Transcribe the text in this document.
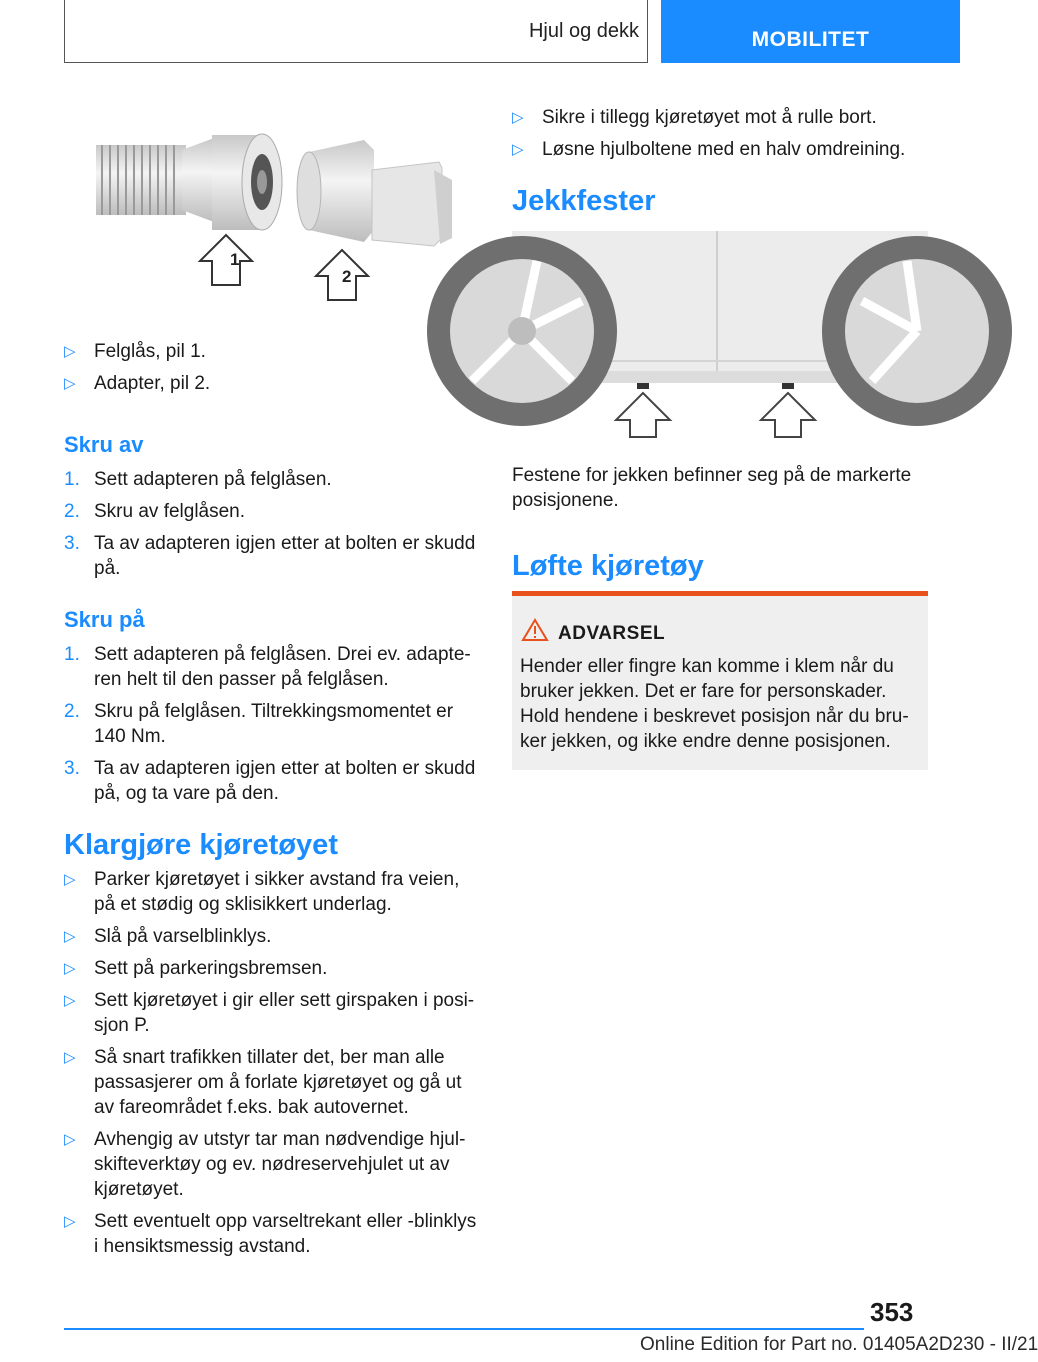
Hjul og dekk	MOBILITET
1
2
▷ Felglås, pil 1.
▷ Adapter, pil 2.
Skru av
1. Sett adapteren på felglåsen.
2. Skru av felglåsen.
3. Ta av adapteren igjen etter at bolten er skudd på.
Skru på
1. Sett adapteren på felglåsen. Drei ev. adapte-ren helt til den passer på felglåsen.
2. Skru på felglåsen. Tiltrekkingsmomentet er 140 Nm.
3. Ta av adapteren igjen etter at bolten er skudd på, og ta vare på den.
Klargjøre kjøretøyet
▷ Parker kjøretøyet i sikker avstand fra veien, på et stødig og sklisikkert underlag.
▷ Slå på varselblinklys.
▷ Sett på parkeringsbremsen.
▷ Sett kjøretøyet i gir eller sett girspaken i posi-sjon P.
▷ Så snart trafikken tillater det, ber man alle passasjerer om å forlate kjøretøyet og gå ut av fareområdet f.eks. bak autovernet.
▷ Avhengig av utstyr tar man nødvendige hjul-skifteverktøy og ev. nødreservehjulet ut av kjøretøyet.
▷ Sett eventuelt opp varseltrekant eller -blinklys i hensiktsmessig avstand.
▷ Sikre i tillegg kjøretøyet mot å rulle bort.
▷ Løsne hjulboltene med en halv omdreining.
Jekkfester

Festene for jekken befinner seg på de markerte posisjonene.

Løfte kjøretøy
ADVARSEL
Hender eller fingre kan komme i klem når du bruker jekken. Det er fare for personskader. Hold hendene i beskrevet posisjon når du bru-ker jekken, og ikke endre denne posisjonen.
353
Online Edition for Part no. 01405A2D230 - II/21
